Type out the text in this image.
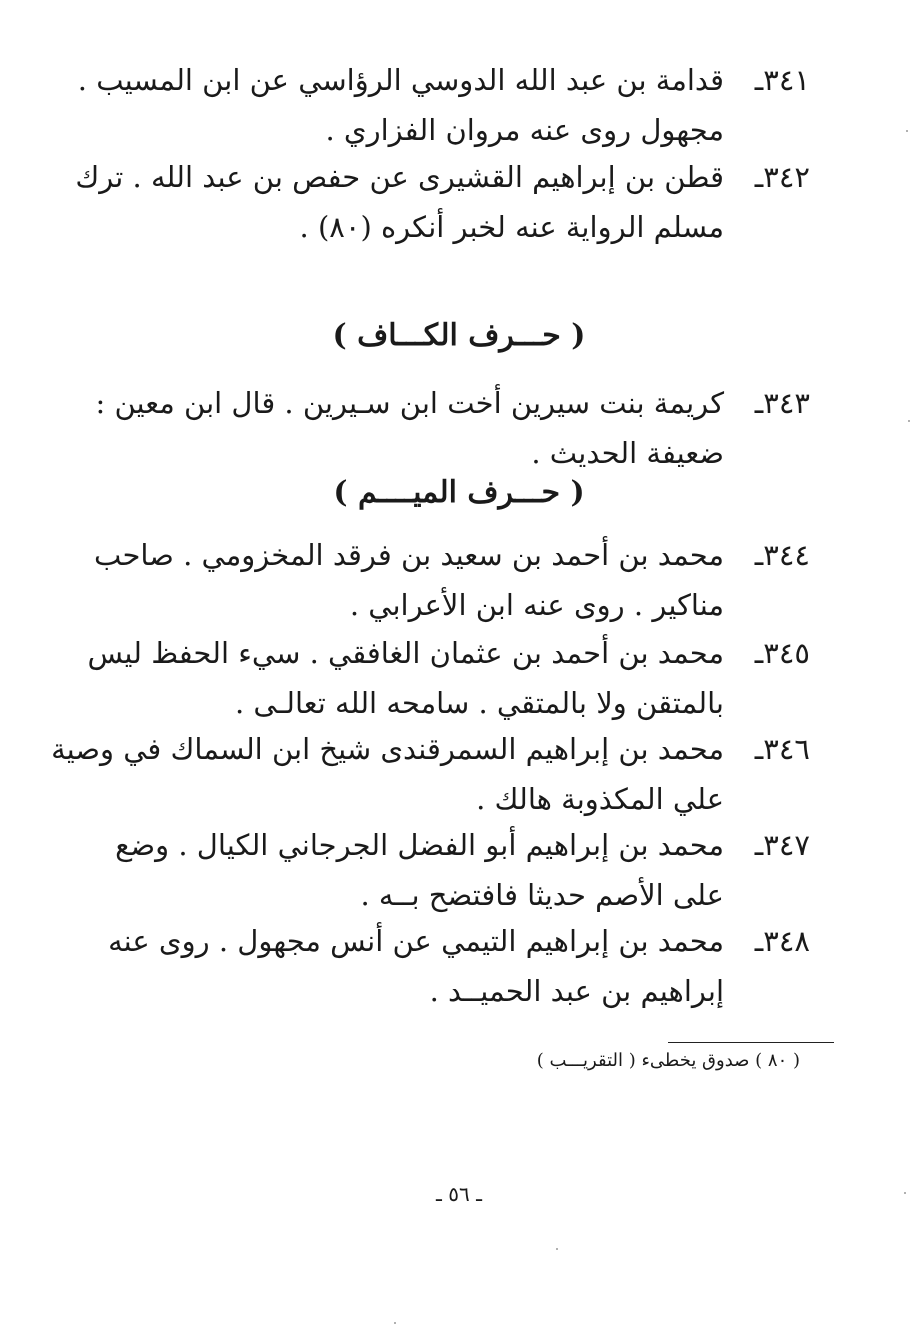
٣٤١ـقدامة بن عبد الله الدوسي الرؤاسي عن ابن المسيب .
مجهول روى عنه مروان الفزاري .
٣٤٢ـقطن بن إبراهيم القشيرى عن حفص بن عبد الله . ترك
مسلم الرواية عنه لخبر أنكره (٨٠) .
( حـــرف الكـــاف )
٣٤٣ـكريمة بنت سيرين أخت ابن سـيرين . قال ابن معين :
ضعيفة الحديث .
( حـــرف الميــــم )
٣٤٤ـمحمد بن أحمد بن سعيد بن فرقد المخزومي . صاحب
مناكير . روى عنه ابن الأعرابي .
٣٤٥ـمحمد بن أحمد بن عثمان الغافقي . سيء الحفظ ليس
بالمتقن ولا بالمتقي . سامحه الله تعالـى .
٣٤٦ـمحمد بن إبراهيم السمرقندى شيخ ابن السماك في وصية
علي المكذوبة هالك .
٣٤٧ـمحمد بن إبراهيم أبو الفضل الجرجاني الكيال . وضع
على الأصم حديثا فافتضح بــه .
٣٤٨ـمحمد بن إبراهيم التيمي عن أنس مجهول . روى عنه
إبراهيم بن عبد الحميــد .
( ٨٠ ) صدوق يخطىء ( التقريـــب )
ـ ٥٦ ـ
